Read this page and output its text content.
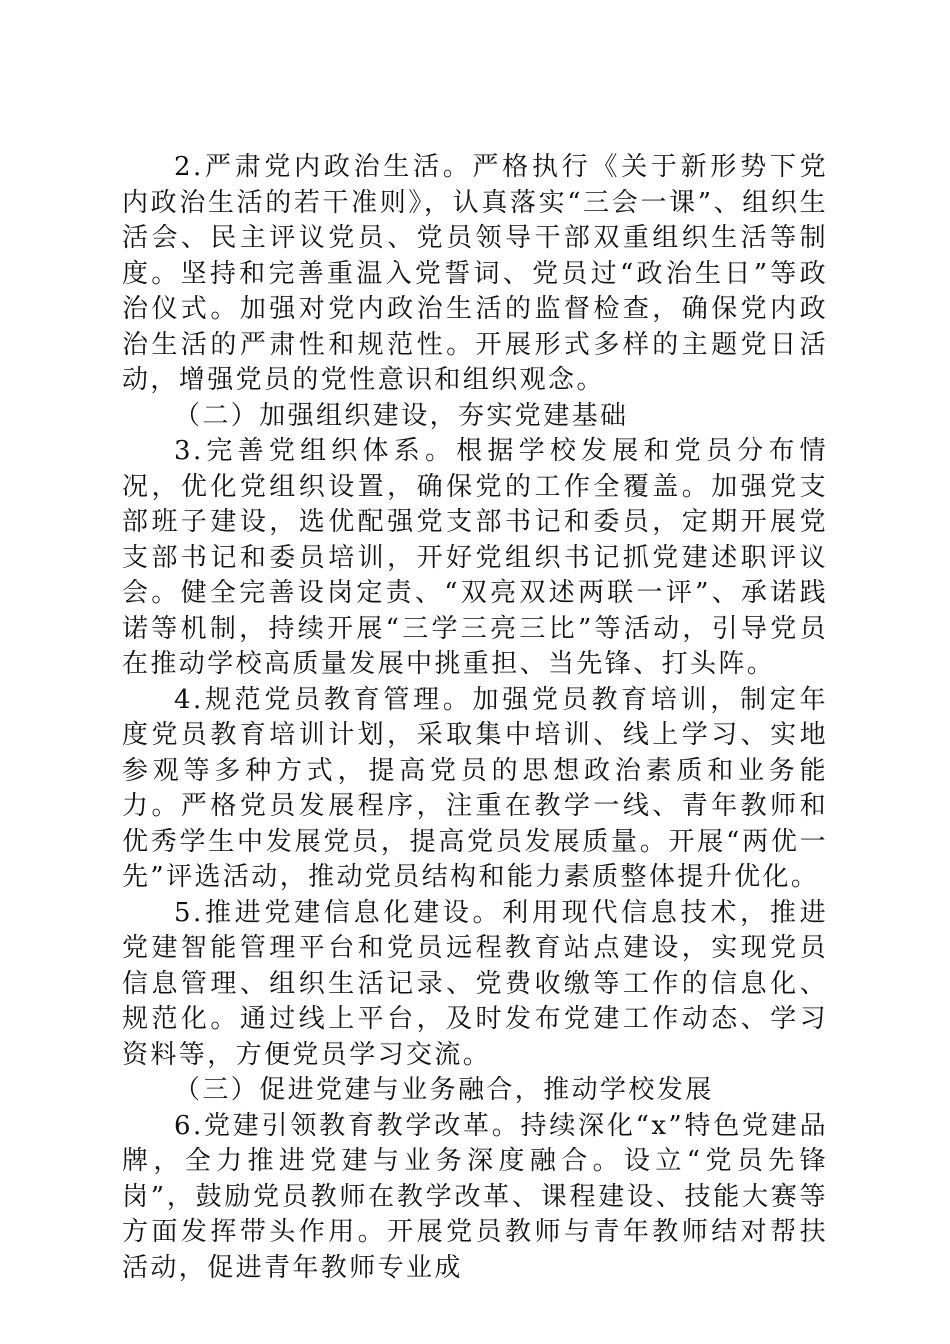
2.严肃党内政治生活。严格执行《关于新形势下党内政治生活的若干准则》，认真落实“三会一课”、组织生活会、民主评议党员、党员领导干部双重组织生活等制度。坚持和完善重温入党誓词、党员过“政治生日”等政治仪式。加强对党内政治生活的监督检查，确保党内政治生活的严肃性和规范性。开展形式多样的主题党日活动，增强党员的党性意识和组织观念。

（二）加强组织建设，夯实党建基础

3.完善党组织体系。根据学校发展和党员分布情况，优化党组织设置，确保党的工作全覆盖。加强党支部班子建设，选优配强党支部书记和委员，定期开展党支部书记和委员培训，开好党组织书记抓党建述职评议会。健全完善设岗定责、“双亮双述两联一评”、承诺践诺等机制，持续开展“三学三亮三比”等活动，引导党员在推动学校高质量发展中挑重担、当先锋、打头阵。

4.规范党员教育管理。加强党员教育培训，制定年度党员教育培训计划，采取集中培训、线上学习、实地参观等多种方式，提高党员的思想政治素质和业务能力。严格党员发展程序，注重在教学一线、青年教师和优秀学生中发展党员，提高党员发展质量。开展“两优一先”评选活动，推动党员结构和能力素质整体提升优化。

5.推进党建信息化建设。利用现代信息技术，推进党建智能管理平台和党员远程教育站点建设，实现党员信息管理、组织生活记录、党费收缴等工作的信息化、规范化。通过线上平台，及时发布党建工作动态、学习资料等，方便党员学习交流。

（三）促进党建与业务融合，推动学校发展

6.党建引领教育教学改革。持续深化“x”特色党建品牌，全力推进党建与业务深度融合。设立“党员先锋岗”，鼓励党员教师在教学改革、课程建设、技能大赛等方面发挥带头作用。开展党员教师与青年教师结对帮扶活动，促进青年教师专业成
